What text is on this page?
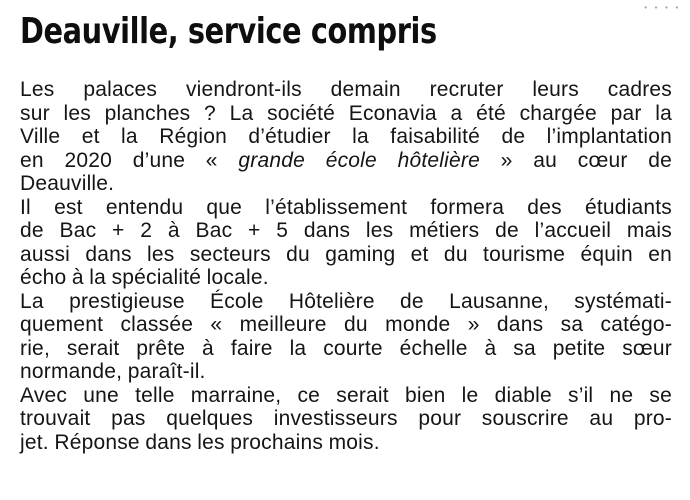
• • • •
Deauville, service compris

Les palaces viendront-ils demain recruter leurs cadres
sur les planches ? La société Econavia a été chargée par la
Ville et la Région d’étudier la faisabilité de l’implantation
en 2020 d’une « grande école hôtelière » au cœur de
Deauville.
Il est entendu que l’établissement formera des étudiants
de Bac + 2 à Bac + 5 dans les métiers de l’accueil mais
aussi dans les secteurs du gaming et du tourisme équin en
écho à la spécialité locale.
La prestigieuse École Hôtelière de Lausanne, systémati-
quement classée « meilleure du monde » dans sa catégo-
rie, serait prête à faire la courte échelle à sa petite sœur
normande, paraît-il.
Avec une telle marraine, ce serait bien le diable s’il ne se
trouvait pas quelques investisseurs pour souscrire au pro-
jet. Réponse dans les prochains mois.
